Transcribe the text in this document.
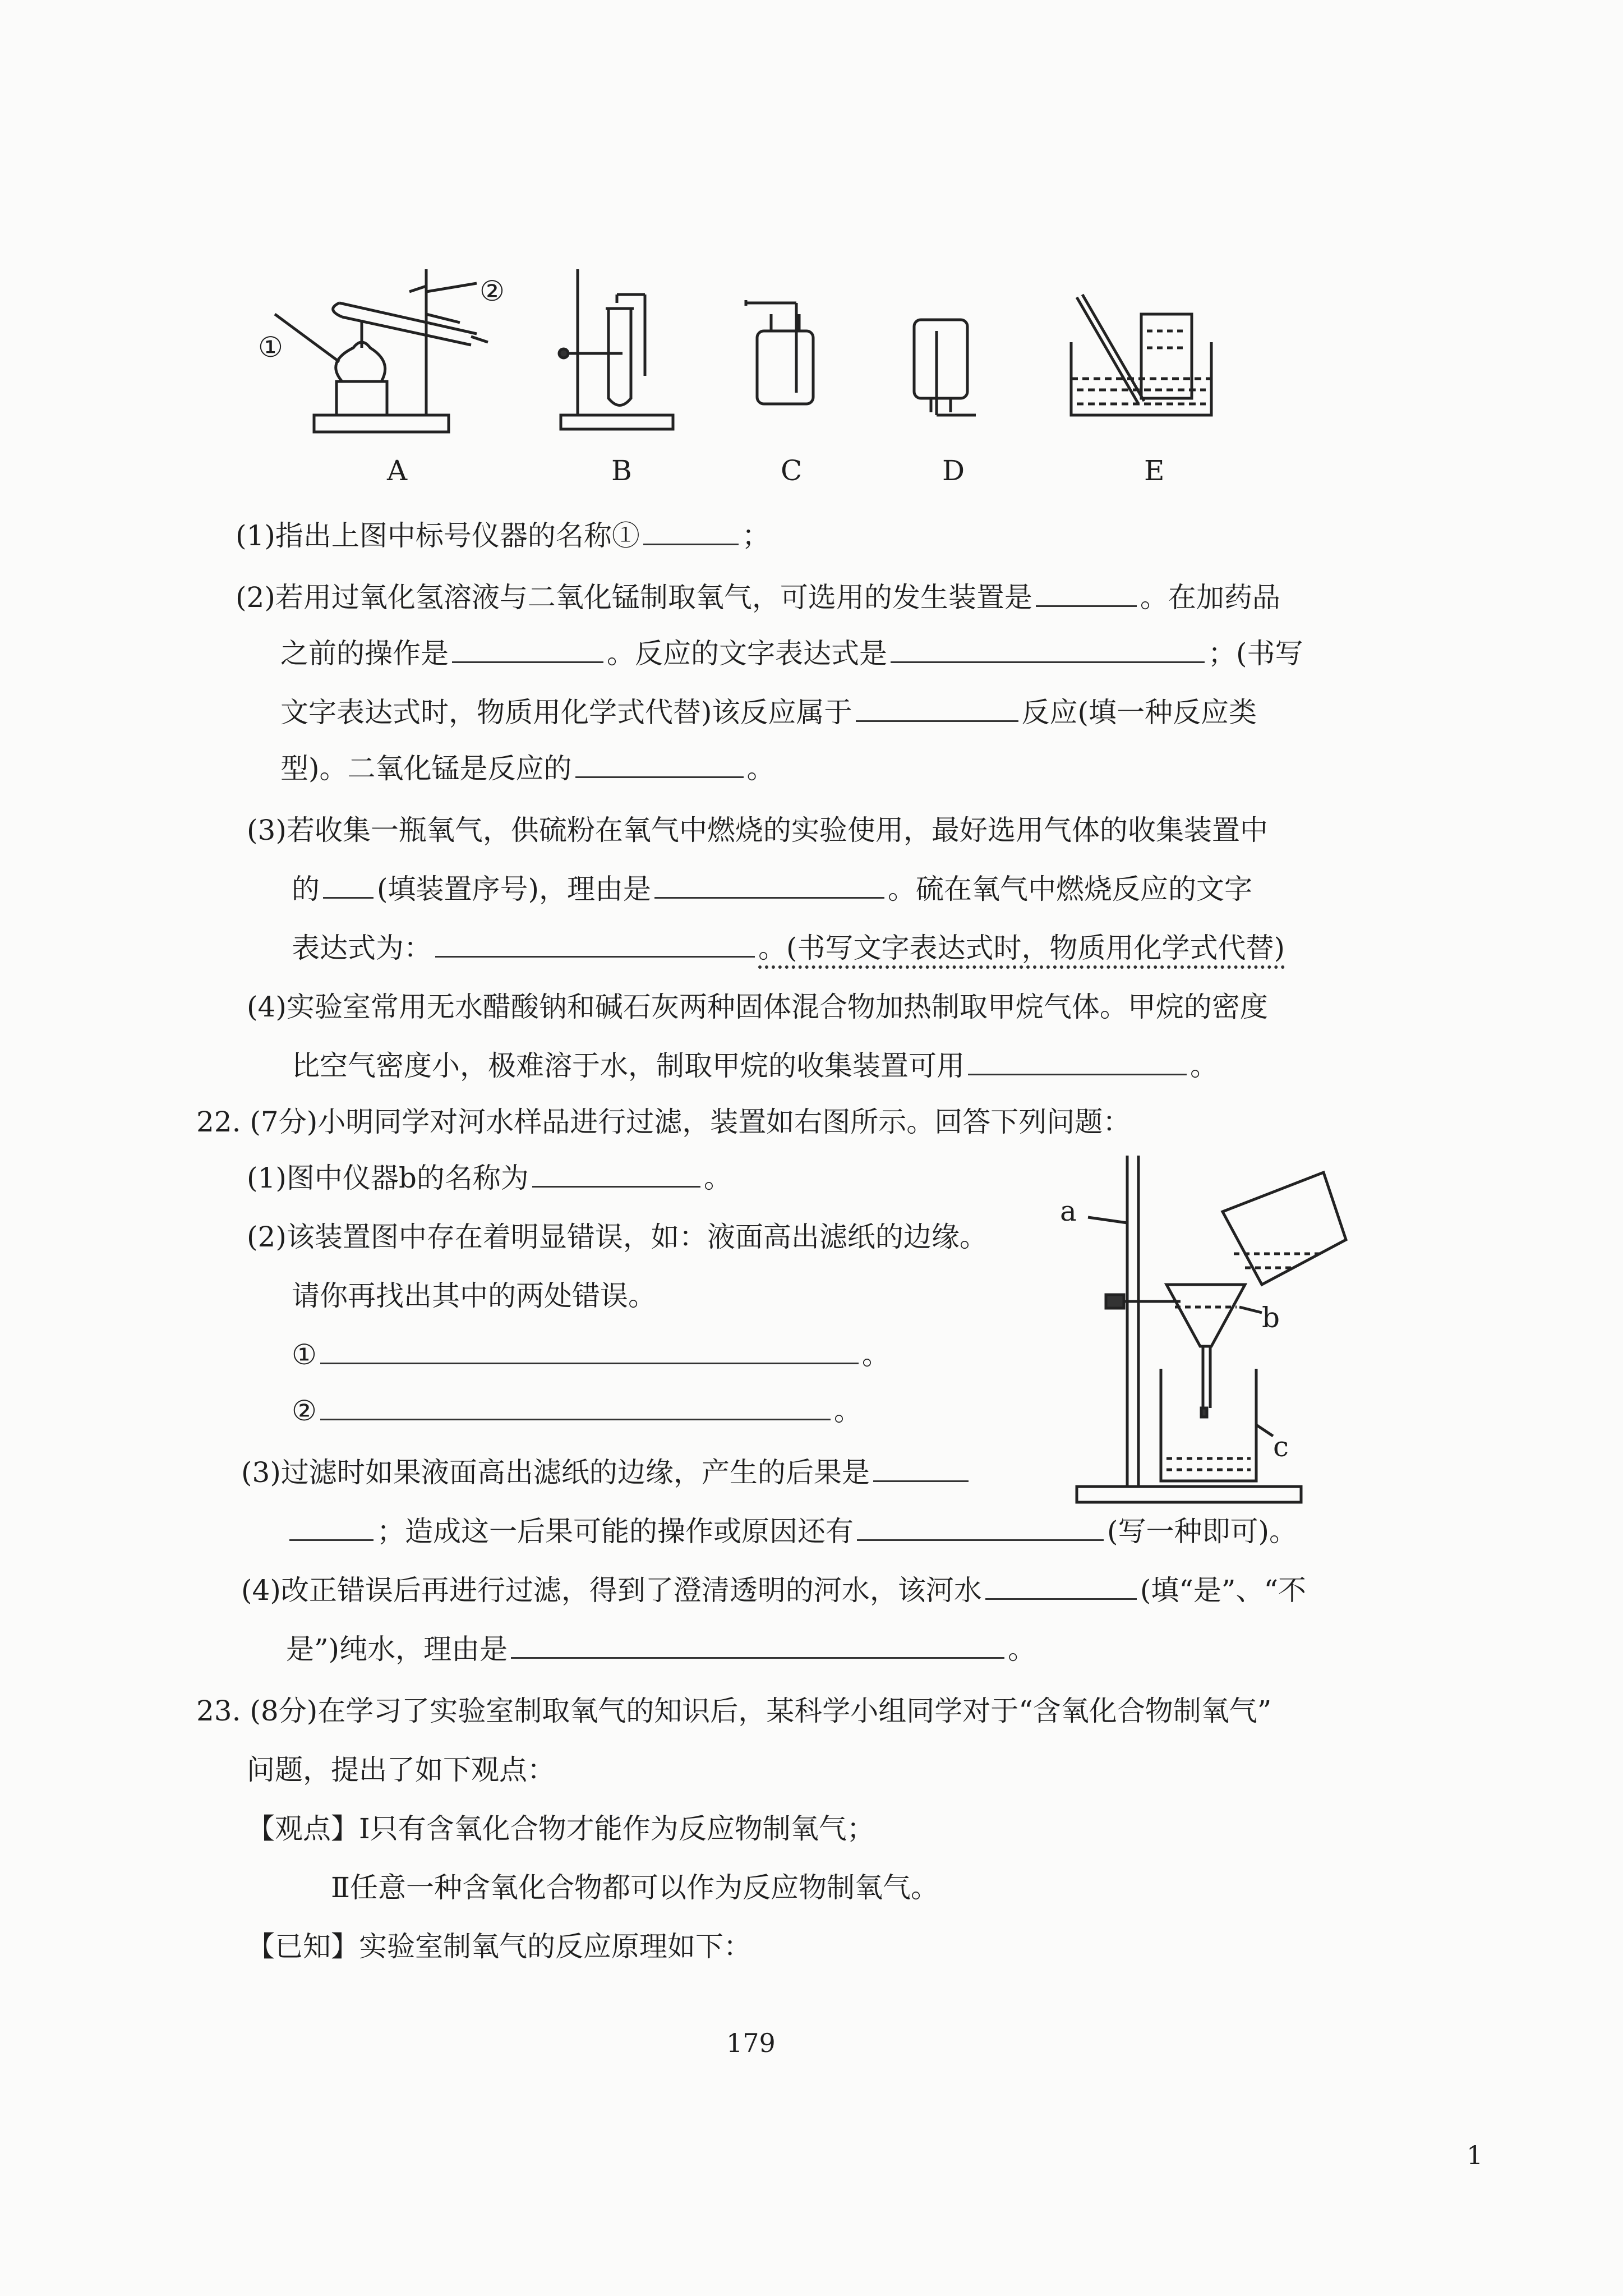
①
②
A	B	C	D	E
(1)指出上图中标号仪器的名称①	；
(2)若用过氧化氢溶液与二氧化锰制取氧气，可选用的发生装置是	。在加药品
之前的操作是	。反应的文字表达式是	；(书写
文字表达式时，物质用化学式代替)该反应属于	反应(填一种反应类
型)。二氧化锰是反应的	。
(3)若收集一瓶氧气，供硫粉在氧气中燃烧的实验使用，最好选用气体的收集装置中
的 (填装置序号)，理由是	。硫在氧气中燃烧反应的文字
表达式为：	。(书写文字表达式时，物质用化学式代替)
(4)实验室常用无水醋酸钠和碱石灰两种固体混合物加热制取甲烷气体。甲烷的密度
比空气密度小，极难溶于水，制取甲烷的收集装置可用	。
22. (7分)小明同学对河水样品进行过滤，装置如右图所示。回答下列问题：
(1)图中仪器b的名称为	。
(2)该装置图中存在着明显错误，如：液面高出滤纸的边缘。
请你再找出其中的两处错误。
①	。
②	。
(3)过滤时如果液面高出滤纸的边缘，产生的后果是
；造成这一后果可能的操作或原因还有	(写一种即可)。
(4)改正错误后再进行过滤，得到了澄清透明的河水，该河水	(填“是”、“不
是”)纯水，理由是	。
a
b
c
23. (8分)在学习了实验室制取氧气的知识后，某科学小组同学对于“含氧化合物制氧气”
问题，提出了如下观点：
【观点】Ⅰ只有含氧化合物才能作为反应物制氧气；
Ⅱ任意一种含氧化合物都可以作为反应物制氧气。
【已知】实验室制氧气的反应原理如下：
179
1
